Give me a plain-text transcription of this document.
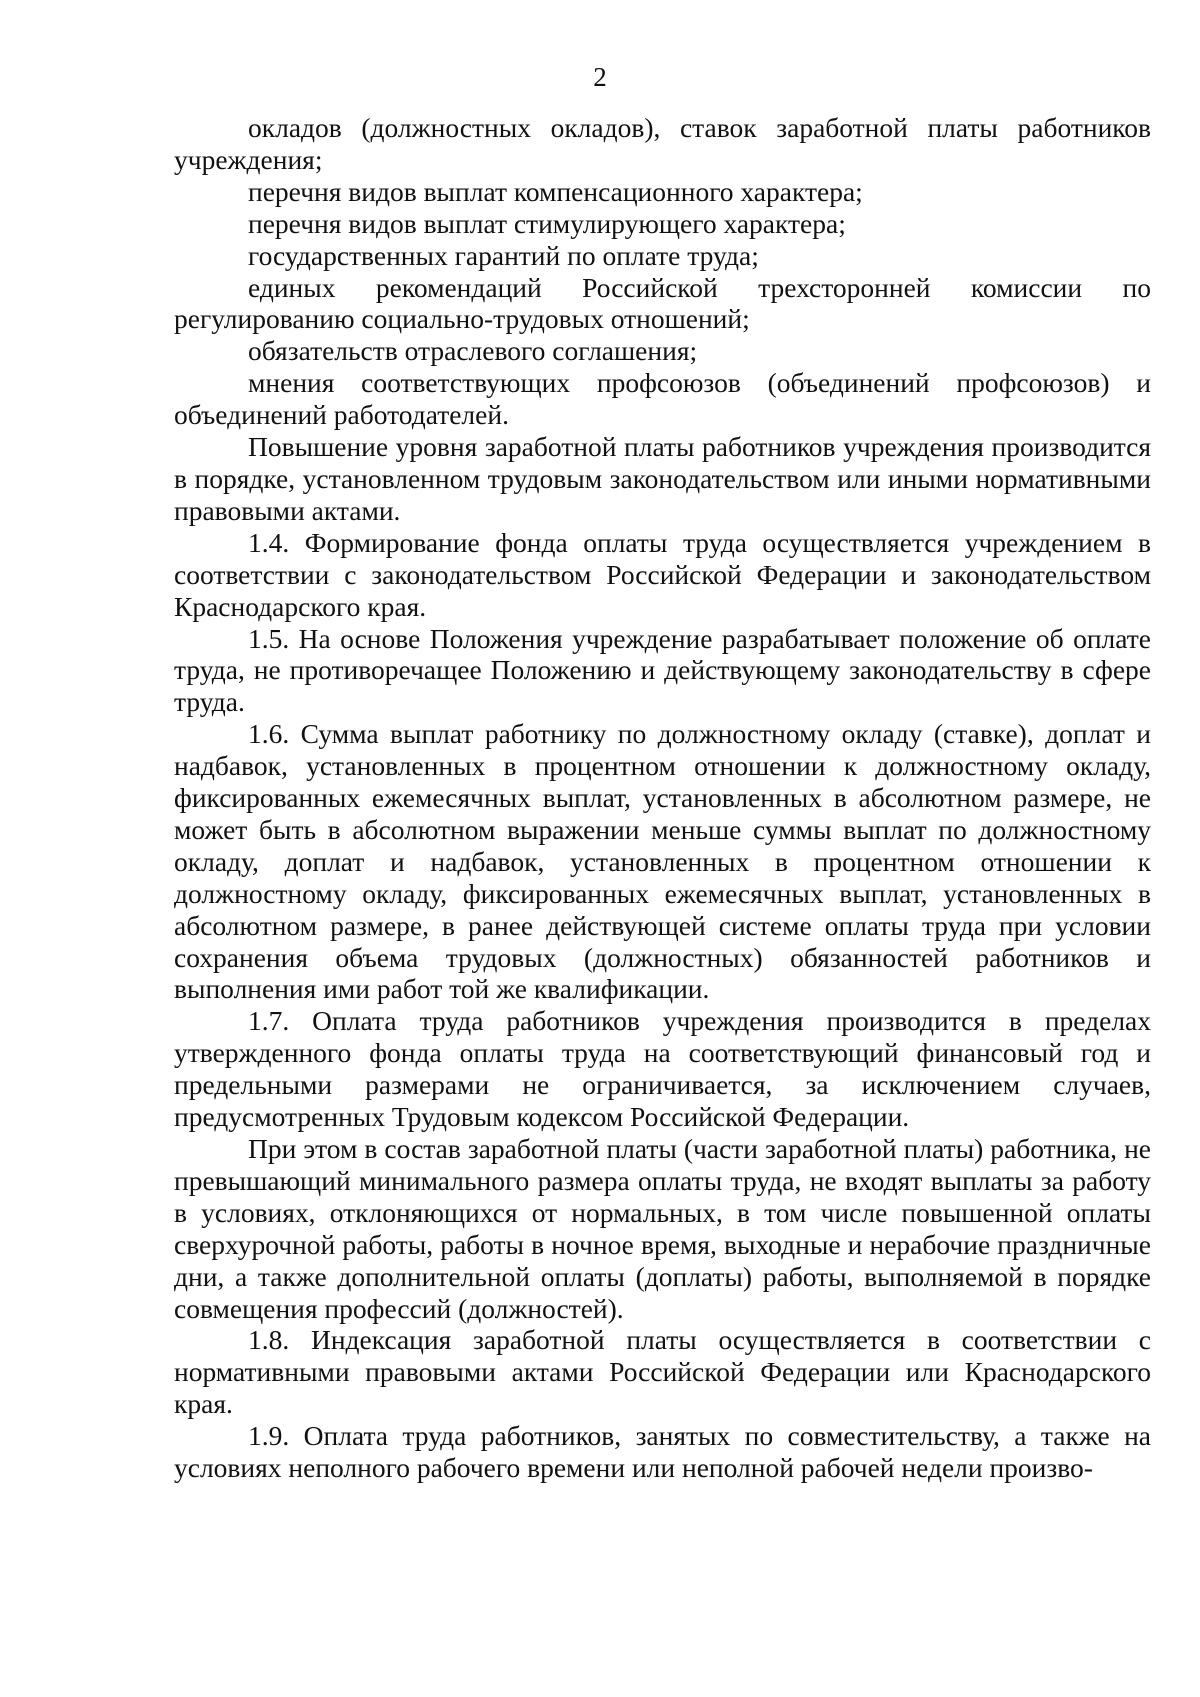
2

окладов (должностных окладов), ставок заработной платы работников учреждения;

перечня видов выплат компенсационного характера;

перечня видов выплат стимулирующего характера;

государственных гарантий по оплате труда;

единых рекомендаций Российской трехсторонней комиссии по регулированию социально-трудовых отношений;

обязательств отраслевого соглашения;

мнения соответствующих профсоюзов (объединений профсоюзов) и объединений работодателей.

Повышение уровня заработной платы работников учреждения производится в порядке, установленном трудовым законодательством или иными нормативными правовыми актами.

1.4. Формирование фонда оплаты труда осуществляется учреждением в соответствии с законодательством Российской Федерации и законодательством Краснодарского края.

1.5. На основе Положения учреждение разрабатывает положение об оплате труда, не противоречащее Положению и действующему законодательству в сфере труда.

1.6. Сумма выплат работнику по должностному окладу (ставке), доплат и надбавок, установленных в процентном отношении к должностному окладу, фиксированных ежемесячных выплат, установленных в абсолютном размере, не может быть в абсолютном выражении меньше суммы выплат по должностному окладу, доплат и надбавок, установленных в процентном отношении к должностному окладу, фиксированных ежемесячных выплат, установленных в абсолютном размере, в ранее действующей системе оплаты труда при условии сохранения объема трудовых (должностных) обязанностей работников и выполнения ими работ той же квалификации.

1.7. Оплата труда работников учреждения производится в пределах утвержденного фонда оплаты труда на соответствующий финансовый год и предельными размерами не ограничивается, за исключением случаев, предусмотренных Трудовым кодексом Российской Федерации.

При этом в состав заработной платы (части заработной платы) работника, не превышающий минимального размера оплаты труда, не входят выплаты за работу в условиях, отклоняющихся от нормальных, в том числе повышенной оплаты сверхурочной работы, работы в ночное время, выходные и нерабочие праздничные дни, а также дополнительной оплаты (доплаты) работы, выполняемой в порядке совмещения профессий (должностей).

1.8. Индексация заработной платы осуществляется в соответствии с нормативными правовыми актами Российской Федерации или Краснодарского края.

1.9. Оплата труда работников, занятых по совместительству, а также на условиях неполного рабочего времени или неполной рабочей недели произво-
